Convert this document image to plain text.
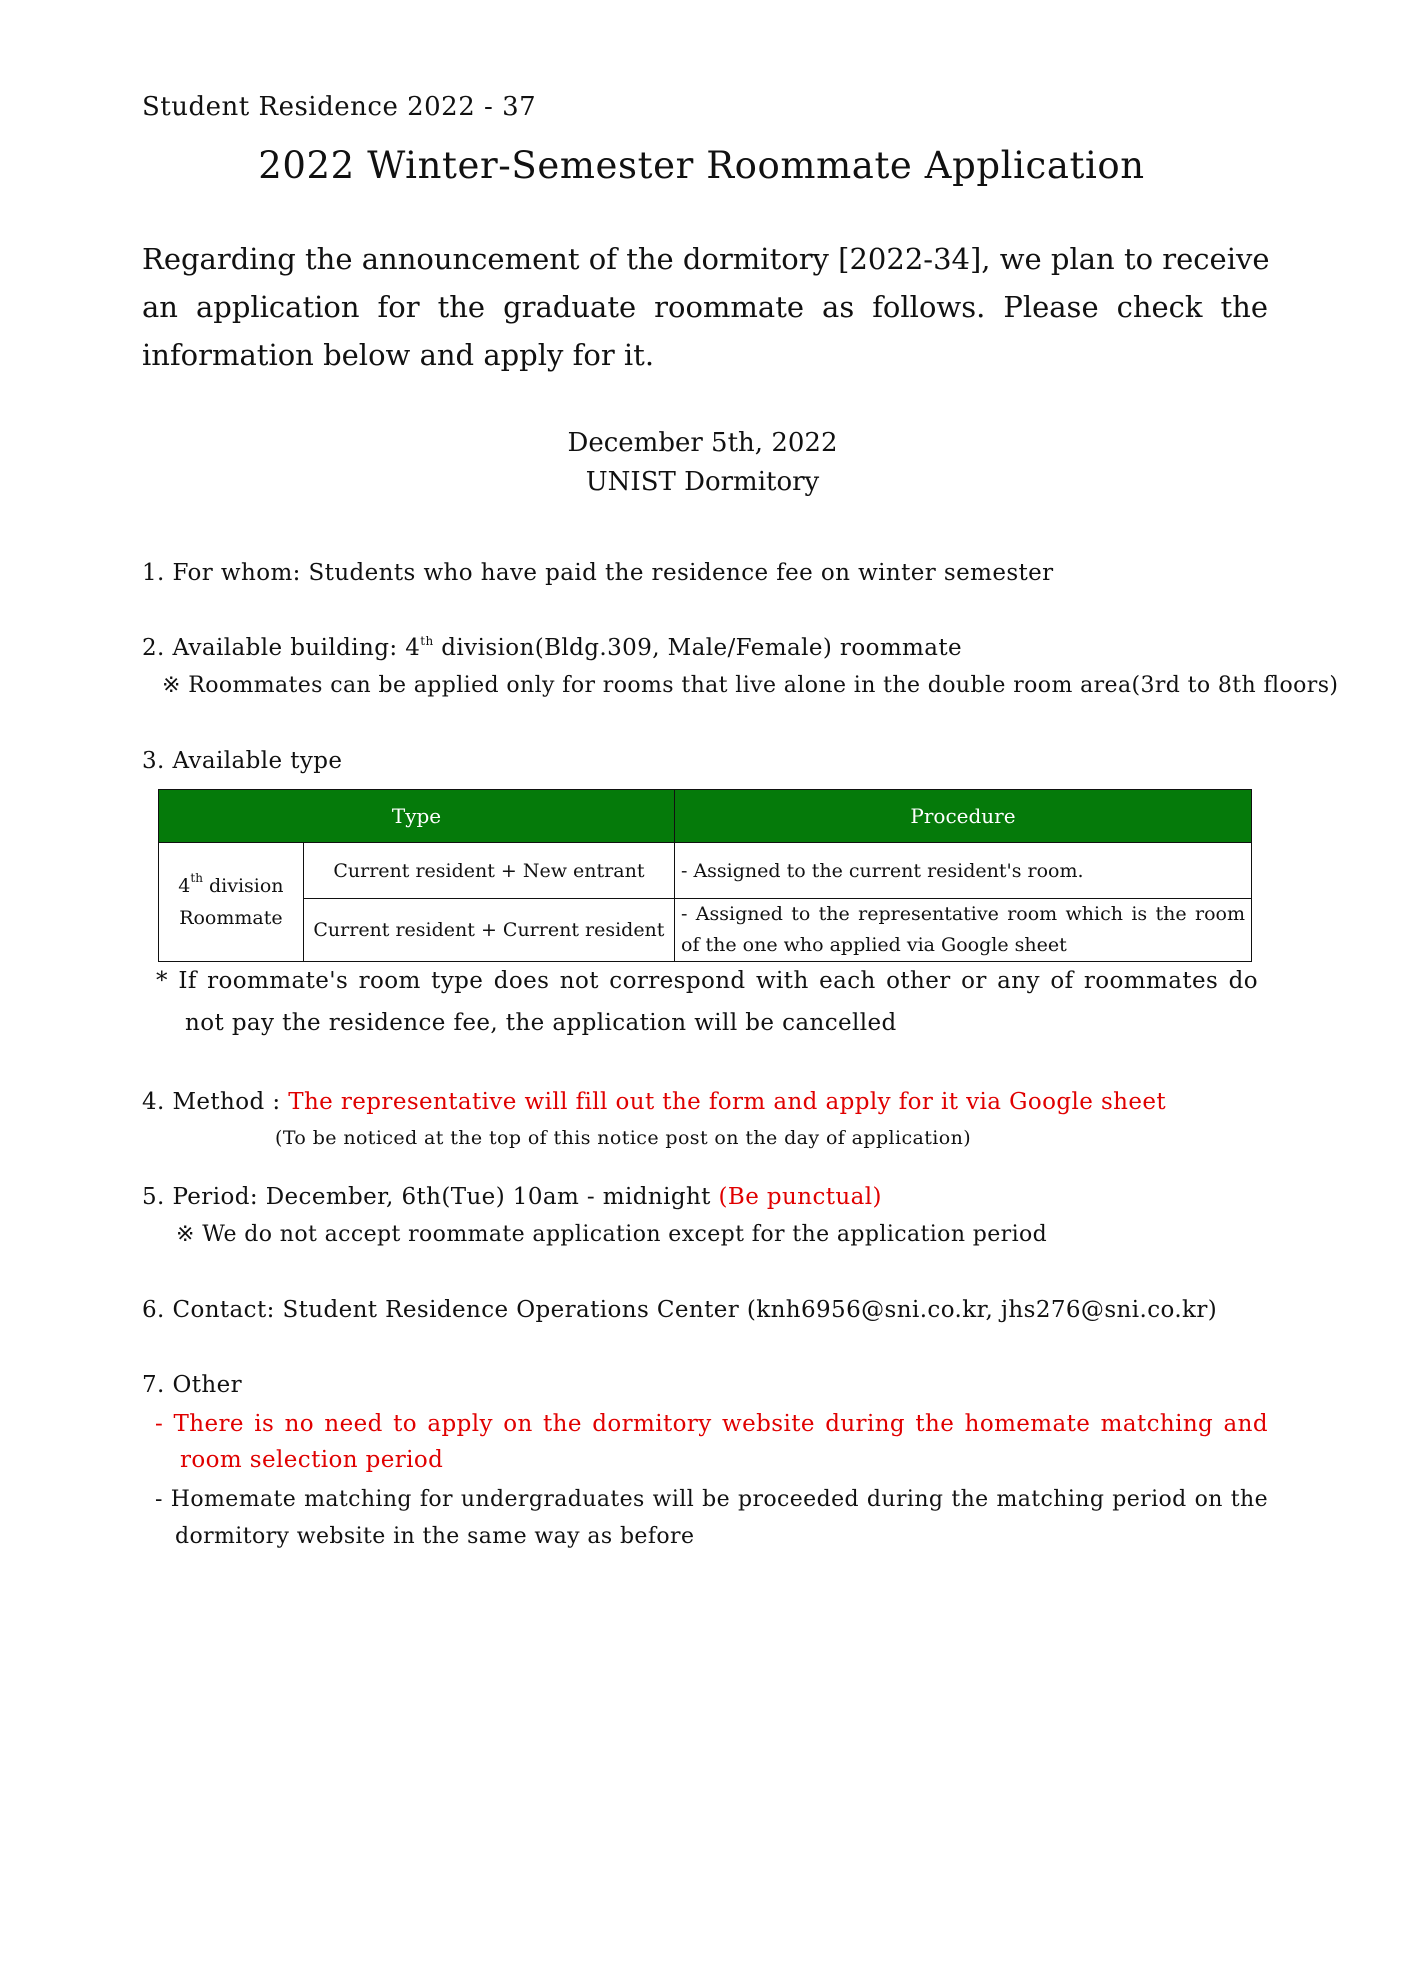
Student Residence 2022 - 37
2022 Winter-Semester Roommate Application
Regarding the announcement of the dormitory [2022-34], we plan to receive
an application for the graduate roommate as follows. Please check the
information below and apply for it.
December 5th, 2022
UNIST Dormitory
1. For whom: Students who have paid the residence fee on winter semester
2. Available building: 4th division(Bldg.309, Male/Female) roommate
※ Roommates can be applied only for rooms that live alone in the double room area(3rd to 8th floors)
3. Available type
Type		Procedure
4th division
Roommate	Current resident + New entrant	- Assigned to the current resident's room.
	Current resident + Current resident	- Assigned to the representative room which is the room of the one who applied via Google sheet
* If roommate's room type does not correspond with each other or any of roommates do
not pay the residence fee, the application will be cancelled
4. Method : The representative will fill out the form and apply for it via Google sheet
(To be noticed at the top of this notice post on the day of application)
5. Period: December, 6th(Tue) 10am - midnight (Be punctual)
※ We do not accept roommate application except for the application period
6. Contact: Student Residence Operations Center (knh6956@sni.co.kr, jhs276@sni.co.kr)
7. Other
- There is no need to apply on the dormitory website during the homemate matching and
room selection period
- Homemate matching for undergraduates will be proceeded during the matching period on the
dormitory website in the same way as before
